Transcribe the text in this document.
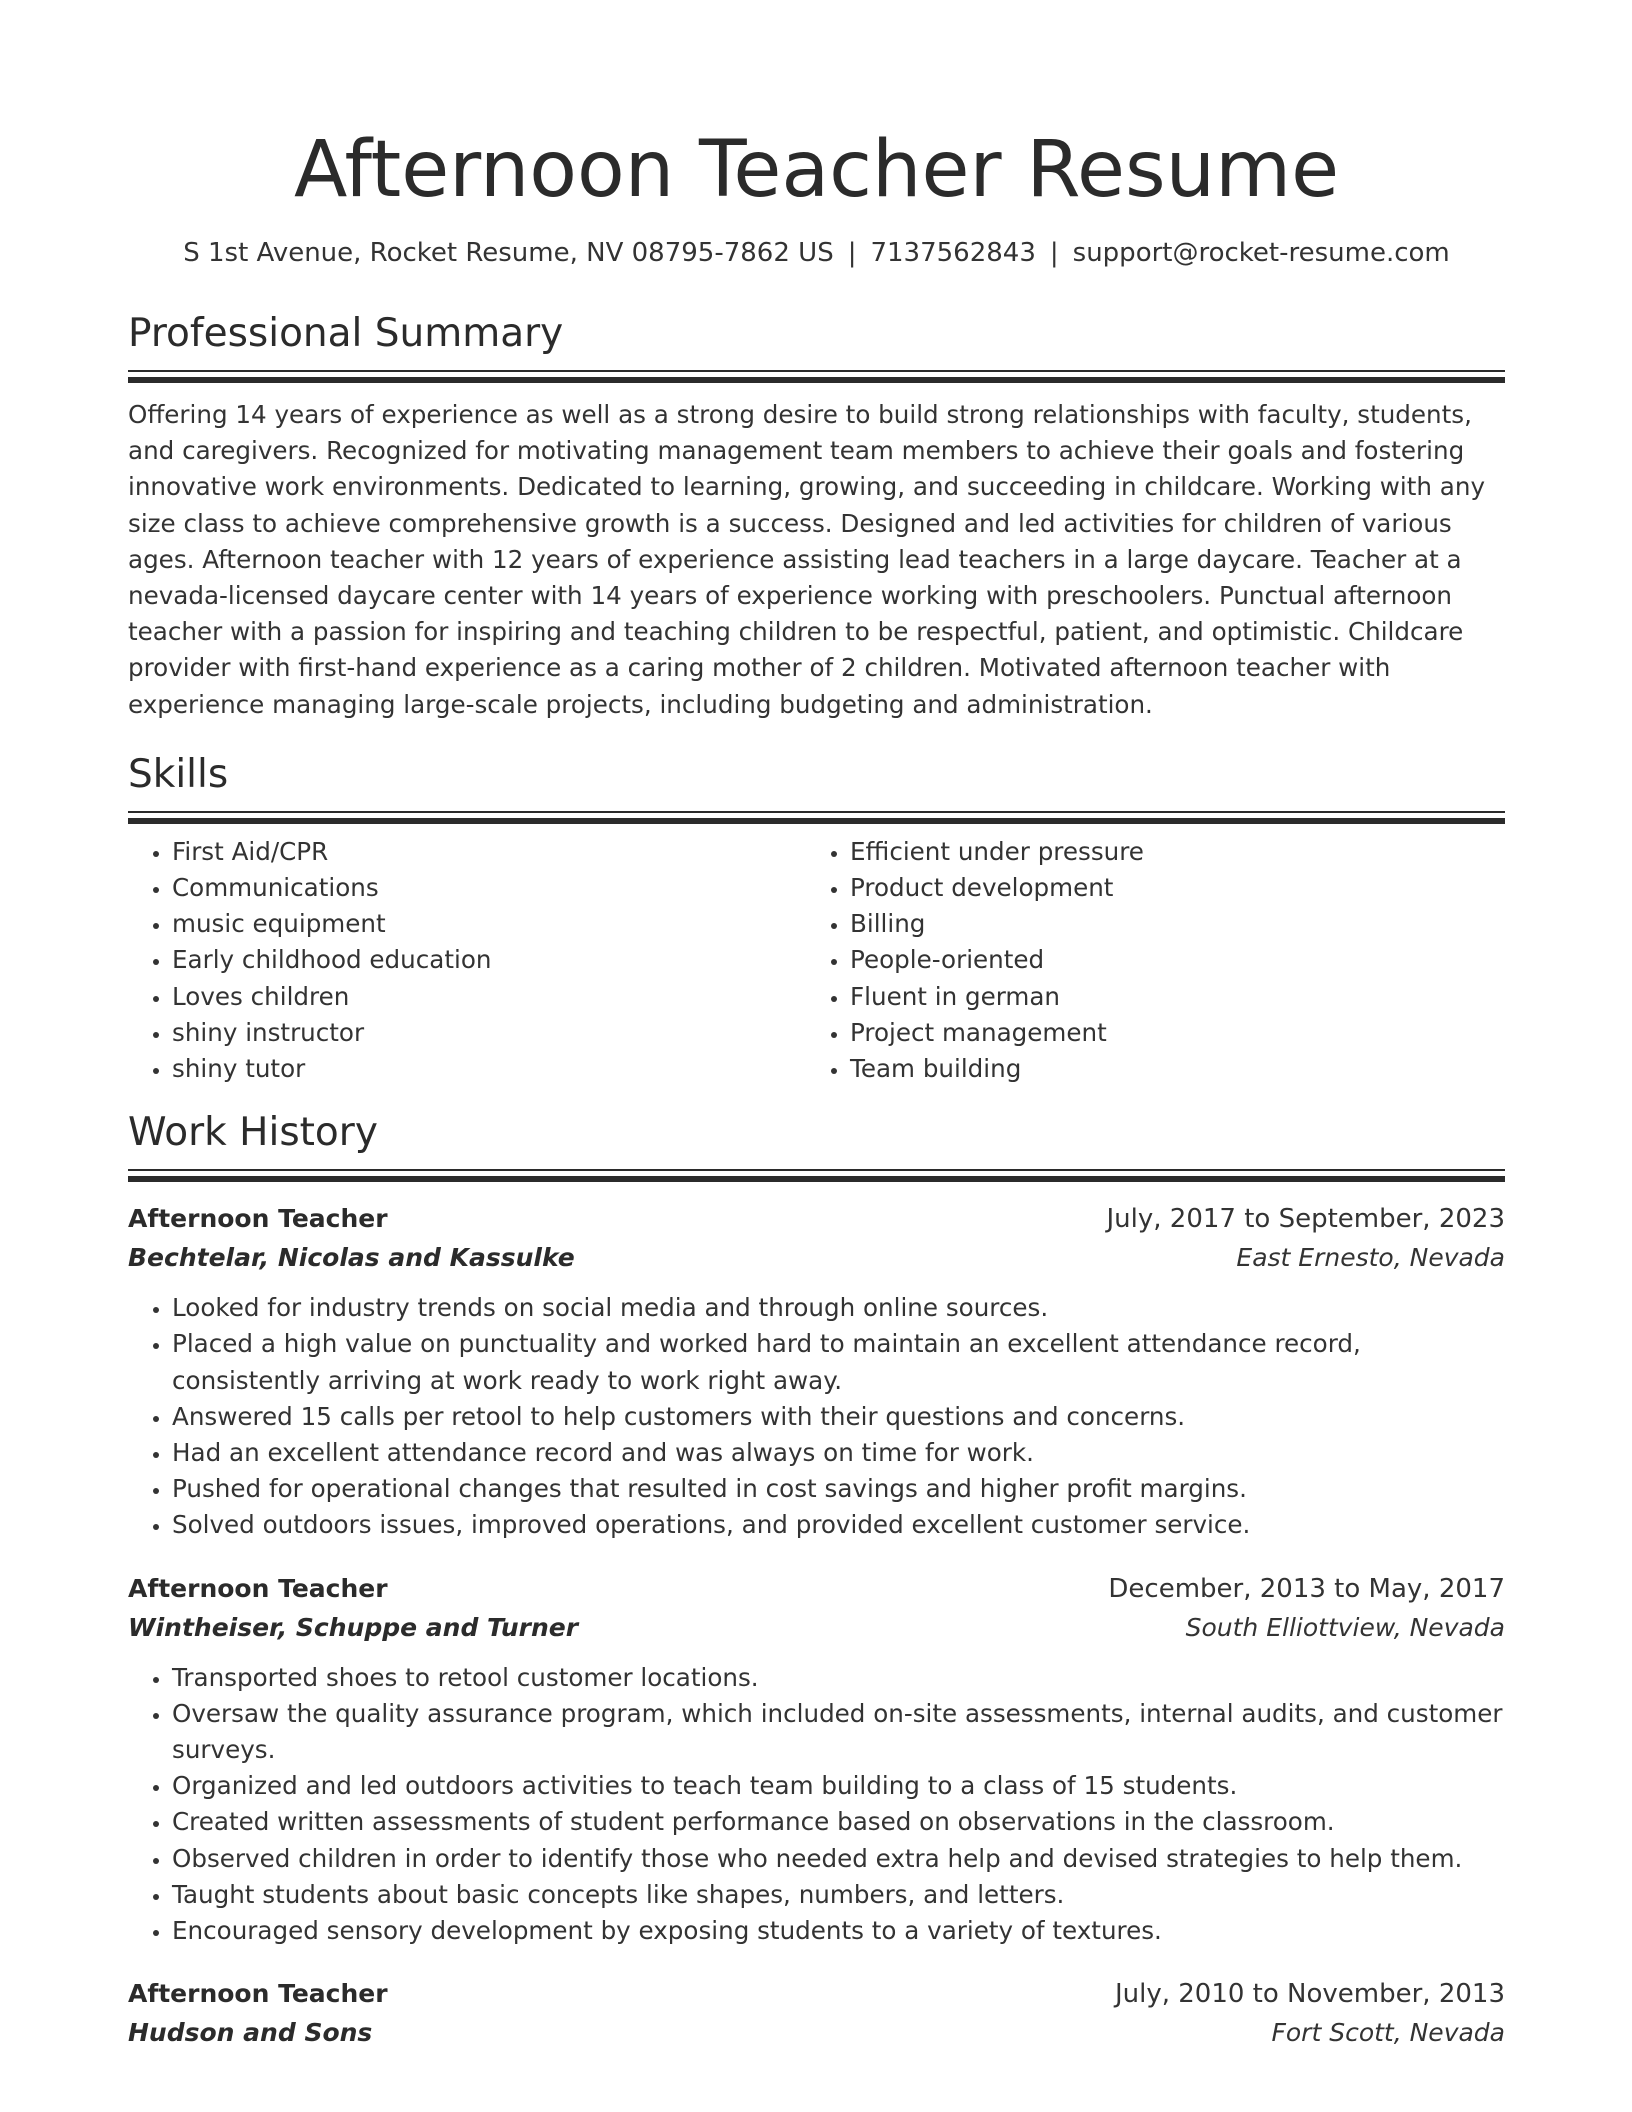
Afternoon Teacher Resume
S 1st Avenue, Rocket Resume, NV 08795-7862 US | 7137562843 | support@rocket-resume.com
Professional Summary

Offering 14 years of experience as well as a strong desire to build strong relationships with faculty, students, and caregivers. Recognized for motivating management team members to achieve their goals and fostering innovative work environments. Dedicated to learning, growing, and succeeding in childcare. Working with any size class to achieve comprehensive growth is a success. Designed and led activities for children of various ages. Afternoon teacher with 12 years of experience assisting lead teachers in a large daycare. Teacher at a nevada-licensed daycare center with 14 years of experience working with preschoolers. Punctual afternoon teacher with a passion for inspiring and teaching children to be respectful, patient, and optimistic. Childcare provider with first-hand experience as a caring mother of 2 children. Motivated afternoon teacher with experience managing large-scale projects, including budgeting and administration.

Skills
• First Aid/CPR
• Communications
• music equipment
• Early childhood education
• Loves children
• shiny instructor
• shiny tutor
• Efficient under pressure
• Product development
• Billing
• People-oriented
• Fluent in german
• Project management
• Team building
Work History
Afternoon Teacher	July, 2017 to September, 2023
Bechtelar, Nicolas and Kassulke	East Ernesto, Nevada
• Looked for industry trends on social media and through online sources.
• Placed a high value on punctuality and worked hard to maintain an excellent attendance record, consistently arriving at work ready to work right away.
• Answered 15 calls per retool to help customers with their questions and concerns.
• Had an excellent attendance record and was always on time for work.
• Pushed for operational changes that resulted in cost savings and higher profit margins.
• Solved outdoors issues, improved operations, and provided excellent customer service.
Afternoon Teacher	December, 2013 to May, 2017
Wintheiser, Schuppe and Turner	South Elliottview, Nevada
• Transported shoes to retool customer locations.
• Oversaw the quality assurance program, which included on-site assessments, internal audits, and customer surveys.
• Organized and led outdoors activities to teach team building to a class of 15 students.
• Created written assessments of student performance based on observations in the classroom.
• Observed children in order to identify those who needed extra help and devised strategies to help them.
• Taught students about basic concepts like shapes, numbers, and letters.
• Encouraged sensory development by exposing students to a variety of textures.
Afternoon Teacher	July, 2010 to November, 2013
Hudson and Sons	Fort Scott, Nevada
